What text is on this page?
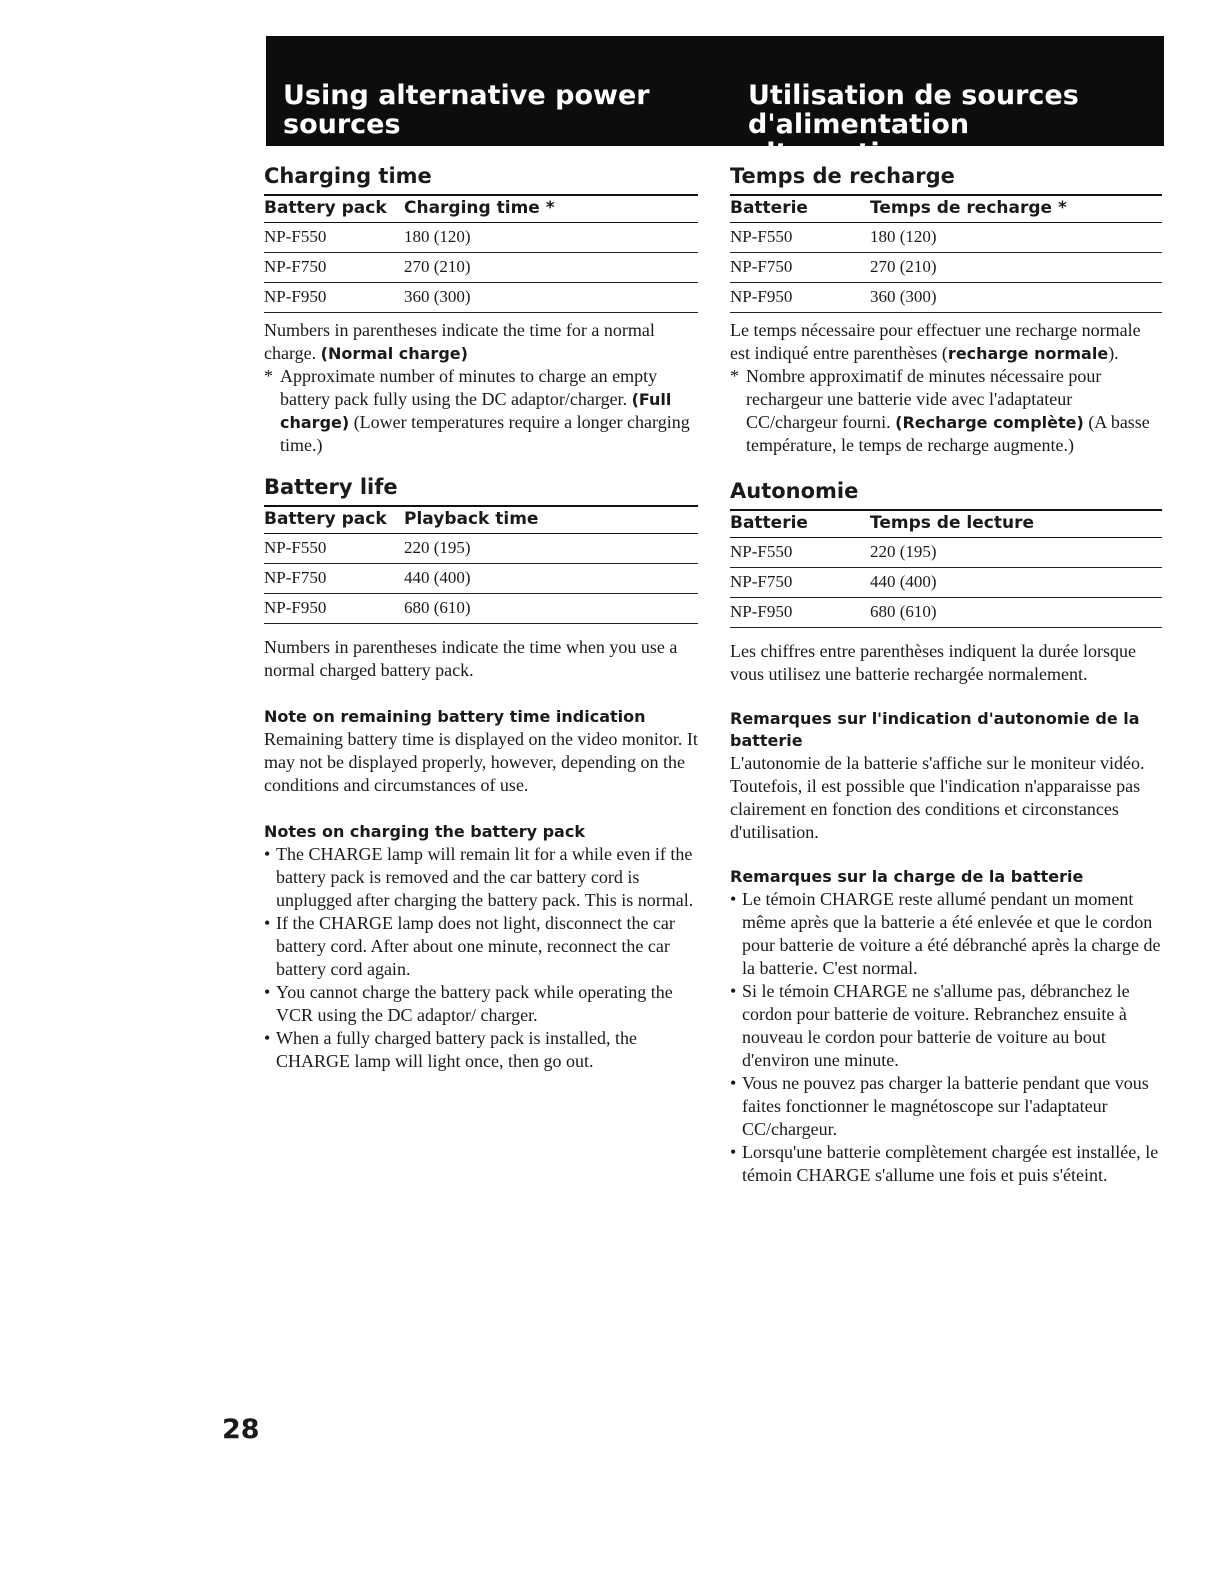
Using alternative power sources
Utilisation de sources d'alimentation alternatives
Charging time
Battery pack	Charging time *
NP-F550	180 (120)
NP-F750	270 (210)
NP-F950	360 (300)

Numbers in parentheses indicate the time for a normal charge. (Normal charge)

* Approximate number of minutes to charge an empty battery pack fully using the DC adaptor/charger. (Full charge) (Lower temperatures require a longer charging time.)

Battery life
Battery pack	Playback time
NP-F550	220 (195)
NP-F750	440 (400)
NP-F950	680 (610)

Numbers in parentheses indicate the time when you use a normal charged battery pack.

Note on remaining battery time indication

Remaining battery time is displayed on the video monitor. It may not be displayed properly, however, depending on the conditions and circumstances of use.

Notes on charging the battery pack

• The CHARGE lamp will remain lit for a while even if the battery pack is removed and the car battery cord is unplugged after charging the battery pack. This is normal.
• If the CHARGE lamp does not light, disconnect the car battery cord. After about one minute, reconnect the car battery cord again.
• You cannot charge the battery pack while operating the VCR using the DC adaptor/ charger.
• When a fully charged battery pack is installed, the CHARGE lamp will light once, then go out.
Temps de recharge
Batterie	Temps de recharge *
NP-F550	180 (120)
NP-F750	270 (210)
NP-F950	360 (300)

Le temps nécessaire pour effectuer une recharge normale est indiqué entre parenthèses (recharge normale).

* Nombre approximatif de minutes nécessaire pour rechargeur une batterie vide avec l'adaptateur CC/chargeur fourni. (Recharge complète) (A basse température, le temps de recharge augmente.)

Autonomie
Batterie	Temps de lecture
NP-F550	220 (195)
NP-F750	440 (400)
NP-F950	680 (610)

Les chiffres entre parenthèses indiquent la durée lorsque vous utilisez une batterie rechargée normalement.

Remarques sur l'indication d'autonomie de la batterie

L'autonomie de la batterie s'affiche sur le moniteur vidéo. Toutefois, il est possible que l'indication n'apparaisse pas clairement en fonction des conditions et circonstances d'utilisation.

Remarques sur la charge de la batterie

• Le témoin CHARGE reste allumé pendant un moment même après que la batterie a été enlevée et que le cordon pour batterie de voiture a été débranché après la charge de la batterie. C'est normal.
• Si le témoin CHARGE ne s'allume pas, débranchez le cordon pour batterie de voiture. Rebranchez ensuite à nouveau le cordon pour batterie de voiture au bout d'environ une minute.
• Vous ne pouvez pas charger la batterie pendant que vous faites fonctionner le magnétoscope sur l'adaptateur CC/chargeur.
• Lorsqu'une batterie complètement chargée est installée, le témoin CHARGE s'allume une fois et puis s'éteint.
28
